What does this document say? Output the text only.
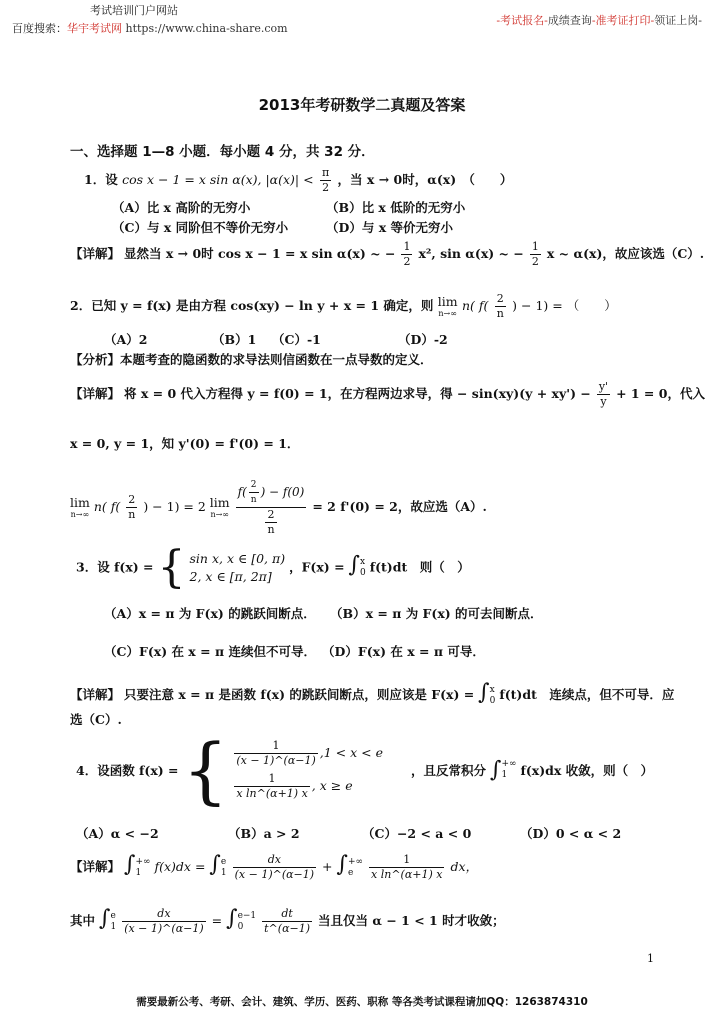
考试培训门户网站
百度搜索：华宇考试网 https://www.china-share.com
-考试报名-成绩查询-准考证打印-领证上岗-
2013年考研数学二真题及答案
一、选择题 1—8 小题．每小题 4 分，共 32 分．
1．设 cos x − 1 = x sin α(x), $|\alpha(x)| < \frac{\pi}{2}$ ，当 x → 0时，α(x)　（　　）
（A）比 x 高阶的无穷小	（B）比 x 低阶的无穷小
（C）与 x 同阶但不等价无穷小	（D）与 x 等价无穷小
【详解】 显然当 x → 0时 cos x − 1 = x sin α(x) ~ − $\frac{1}{2} x^2$, sin α(x) ~ − $\frac{1}{2}$ x ~ α(x)，故应该选（C）.
2．已知 y = f(x) 是由方程 cos(xy) − ln y + x = 1 确定，则 lim
n→∞
n( $f( \frac{2}{n}$ ) − 1) = （　　）
（A）2	（B）1 （C）-1	（D）-2
【分析】本题考查的隐函数的求导法则信函数在一点导数的定义．
【详解】 将 x = 0 代入方程得 y = f(0) = 1，在方程两边求导，得 − $\sin(xy)(y + xy') - \frac{y'}{y} + 1 = 0$，代入
x = 0, y = 1，知 y'(0) = f'(0) = 1．
lim
n→∞
n( $f( \frac{2}{n}$ ) − 1) = 2 lim
n→∞
$\frac{f( \frac{2}{n} ) - f(0)}{\frac{2}{n}} = 2$ f'(0) = 2，故应选（A）.
3．设 f(x) = { sin x, x ∈ [0, π)
2, x ∈ [π, 2π]
，F(x) = ∫ x
0 f(t)dt　则（　）
（A）x = π 为 F(x) 的跳跃间断点． （B）x = π 为 F(x) 的可去间断点．
（C）F(x) 在 x = π 连续但不可导． （D）F(x) 在 x = π 可导．
【详解】 只要注意 x = π 是函数 f(x) 的跳跃间断点，则应该是 F(x) = ∫ x
0 f(t)dt　连续点，但不可导．应
选（C）.
4．设函数 f(x) = { $\frac{1}{(x - 1)\^{}(\alpha-1)} ,1 < x < e$
$\frac{1}{\text{x ln\textasciicircum{}(α+1) x}}$ , x ≥ e
，且反常积分 ∫ +∞
1	f(x)dx 收敛，则（　）
（A）α < −2	（B）a > 2	（C）−2 < a < 0	（D）0 < α < 2
【详解】 ∫ +∞
1	f(x)dx = ∫ e
1
$\frac{dx}{(x - 1)\^{}(\alpha-1)}$ + ∫ +∞
e
	$\frac{1}{\text{x ln\textasciicircum{}(α+1) x}}$ dx，
其中 ∫ e
1
$\frac{dx}{(x - 1)\^{}(\alpha-1)}$ = ∫ e−1
0
	$\frac{dt}{t\^{}(\alpha-1)}$ 当且仅当 α − 1 < 1 时才收敛；
1
需要最新公考、考研、会计、建筑、学历、医药、职称 等各类考试课程请加QQ：1263874310
